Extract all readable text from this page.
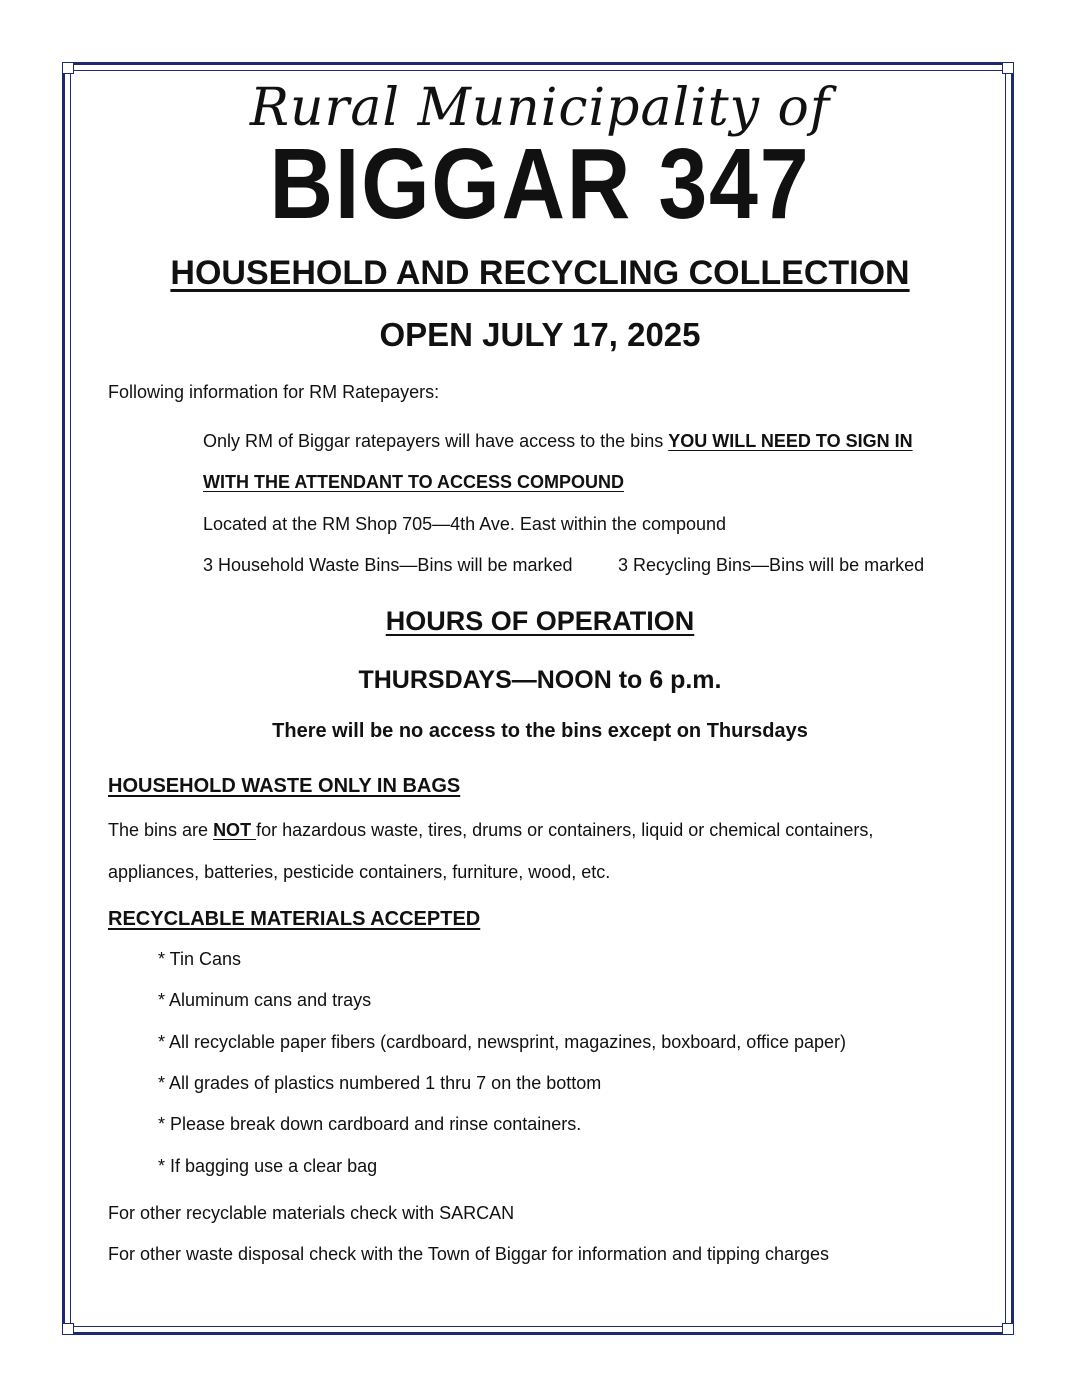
Rural Municipality of
BIGGAR 347
HOUSEHOLD AND RECYCLING COLLECTION
OPEN JULY 17, 2025
Following information for RM Ratepayers:
Only RM of Biggar ratepayers will have access to the bins YOU WILL NEED TO SIGN IN
WITH THE ATTENDANT TO ACCESS COMPOUND
Located at the RM Shop 705—4th Ave. East within the compound
3 Household Waste Bins—Bins will be marked	3 Recycling Bins—Bins will be marked
HOURS OF OPERATION
THURSDAYS—NOON to 6 p.m.
There will be no access to the bins except on Thursdays
HOUSEHOLD WASTE ONLY IN BAGS
The bins are NOT for hazardous waste, tires, drums or containers, liquid or chemical containers,
appliances, batteries, pesticide containers, furniture, wood, etc.
RECYCLABLE MATERIALS ACCEPTED
* Tin Cans
* Aluminum cans and trays
* All recyclable paper fibers (cardboard, newsprint, magazines, boxboard, office paper)
* All grades of plastics numbered 1 thru 7 on the bottom
* Please break down cardboard and rinse containers.
* If bagging use a clear bag
For other recyclable materials check with SARCAN
For other waste disposal check with the Town of Biggar for information and tipping charges
